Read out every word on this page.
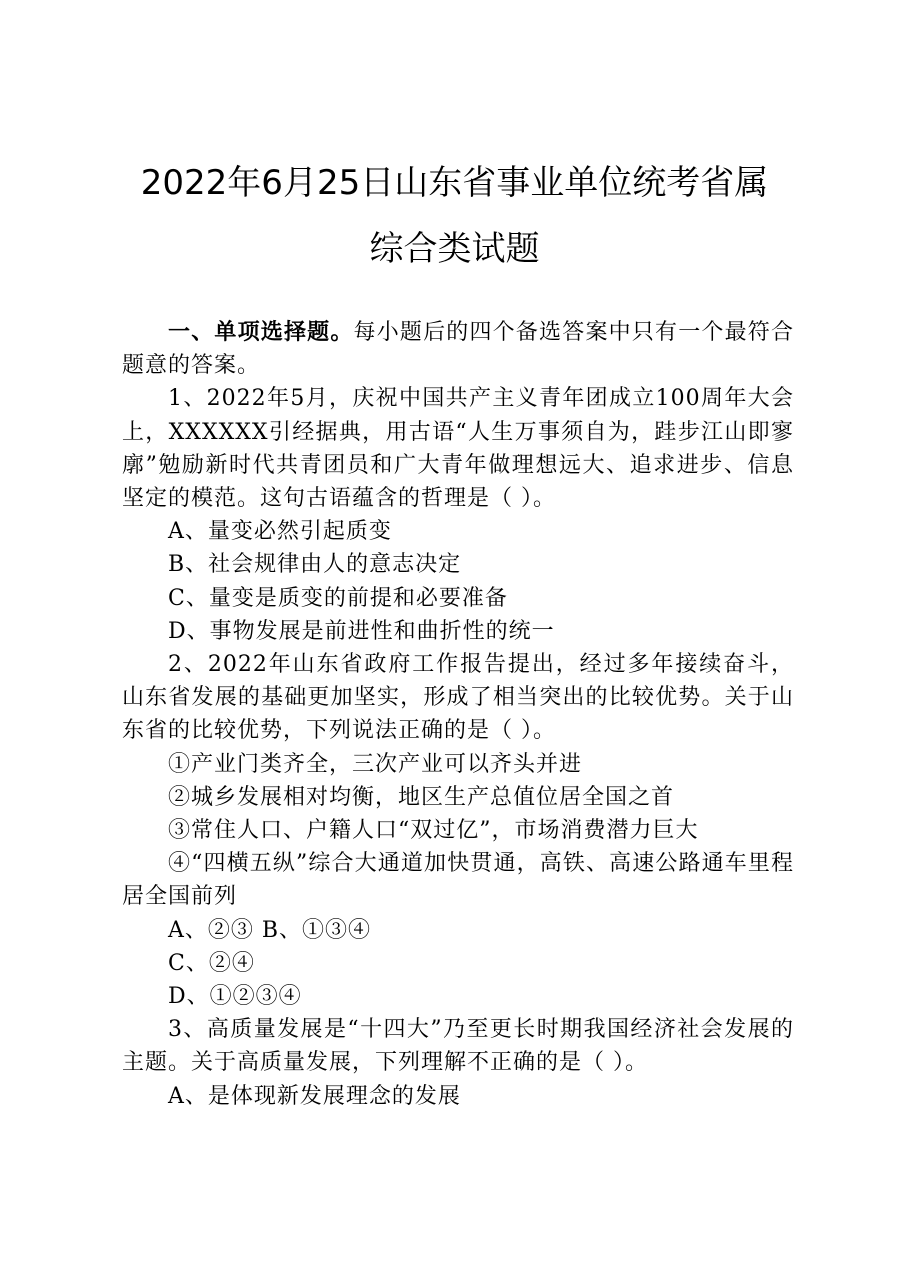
2022年6月25日山东省事业单位统考省属
综合类试题

一、单项选择题。每小题后的四个备选答案中只有一个最符合题意的答案。

1、2022年5月，庆祝中国共产主义青年团成立100周年大会上，XXXXXX引经据典，用古语“人生万事须自为，跬步江山即寥廓”勉励新时代共青团员和广大青年做理想远大、追求进步、信息坚定的模范。这句古语蕴含的哲理是（ ）。

A、量变必然引起质变

B、社会规律由人的意志决定

C、量变是质变的前提和必要准备

D、事物发展是前进性和曲折性的统一

2、2022年山东省政府工作报告提出，经过多年接续奋斗，山东省发展的基础更加坚实，形成了相当突出的比较优势。关于山东省的比较优势，下列说法正确的是（ ）。

①产业门类齐全，三次产业可以齐头并进

②城乡发展相对均衡，地区生产总值位居全国之首

③常住人口、户籍人口“双过亿”，市场消费潜力巨大

④“四横五纵”综合大通道加快贯通，高铁、高速公路通车里程居全国前列

A、②③ B、①③④

C、②④

D、①②③④

3、高质量发展是“十四大”乃至更长时期我国经济社会发展的主题。关于高质量发展，下列理解不正确的是（ ）。

A、是体现新发展理念的发展
